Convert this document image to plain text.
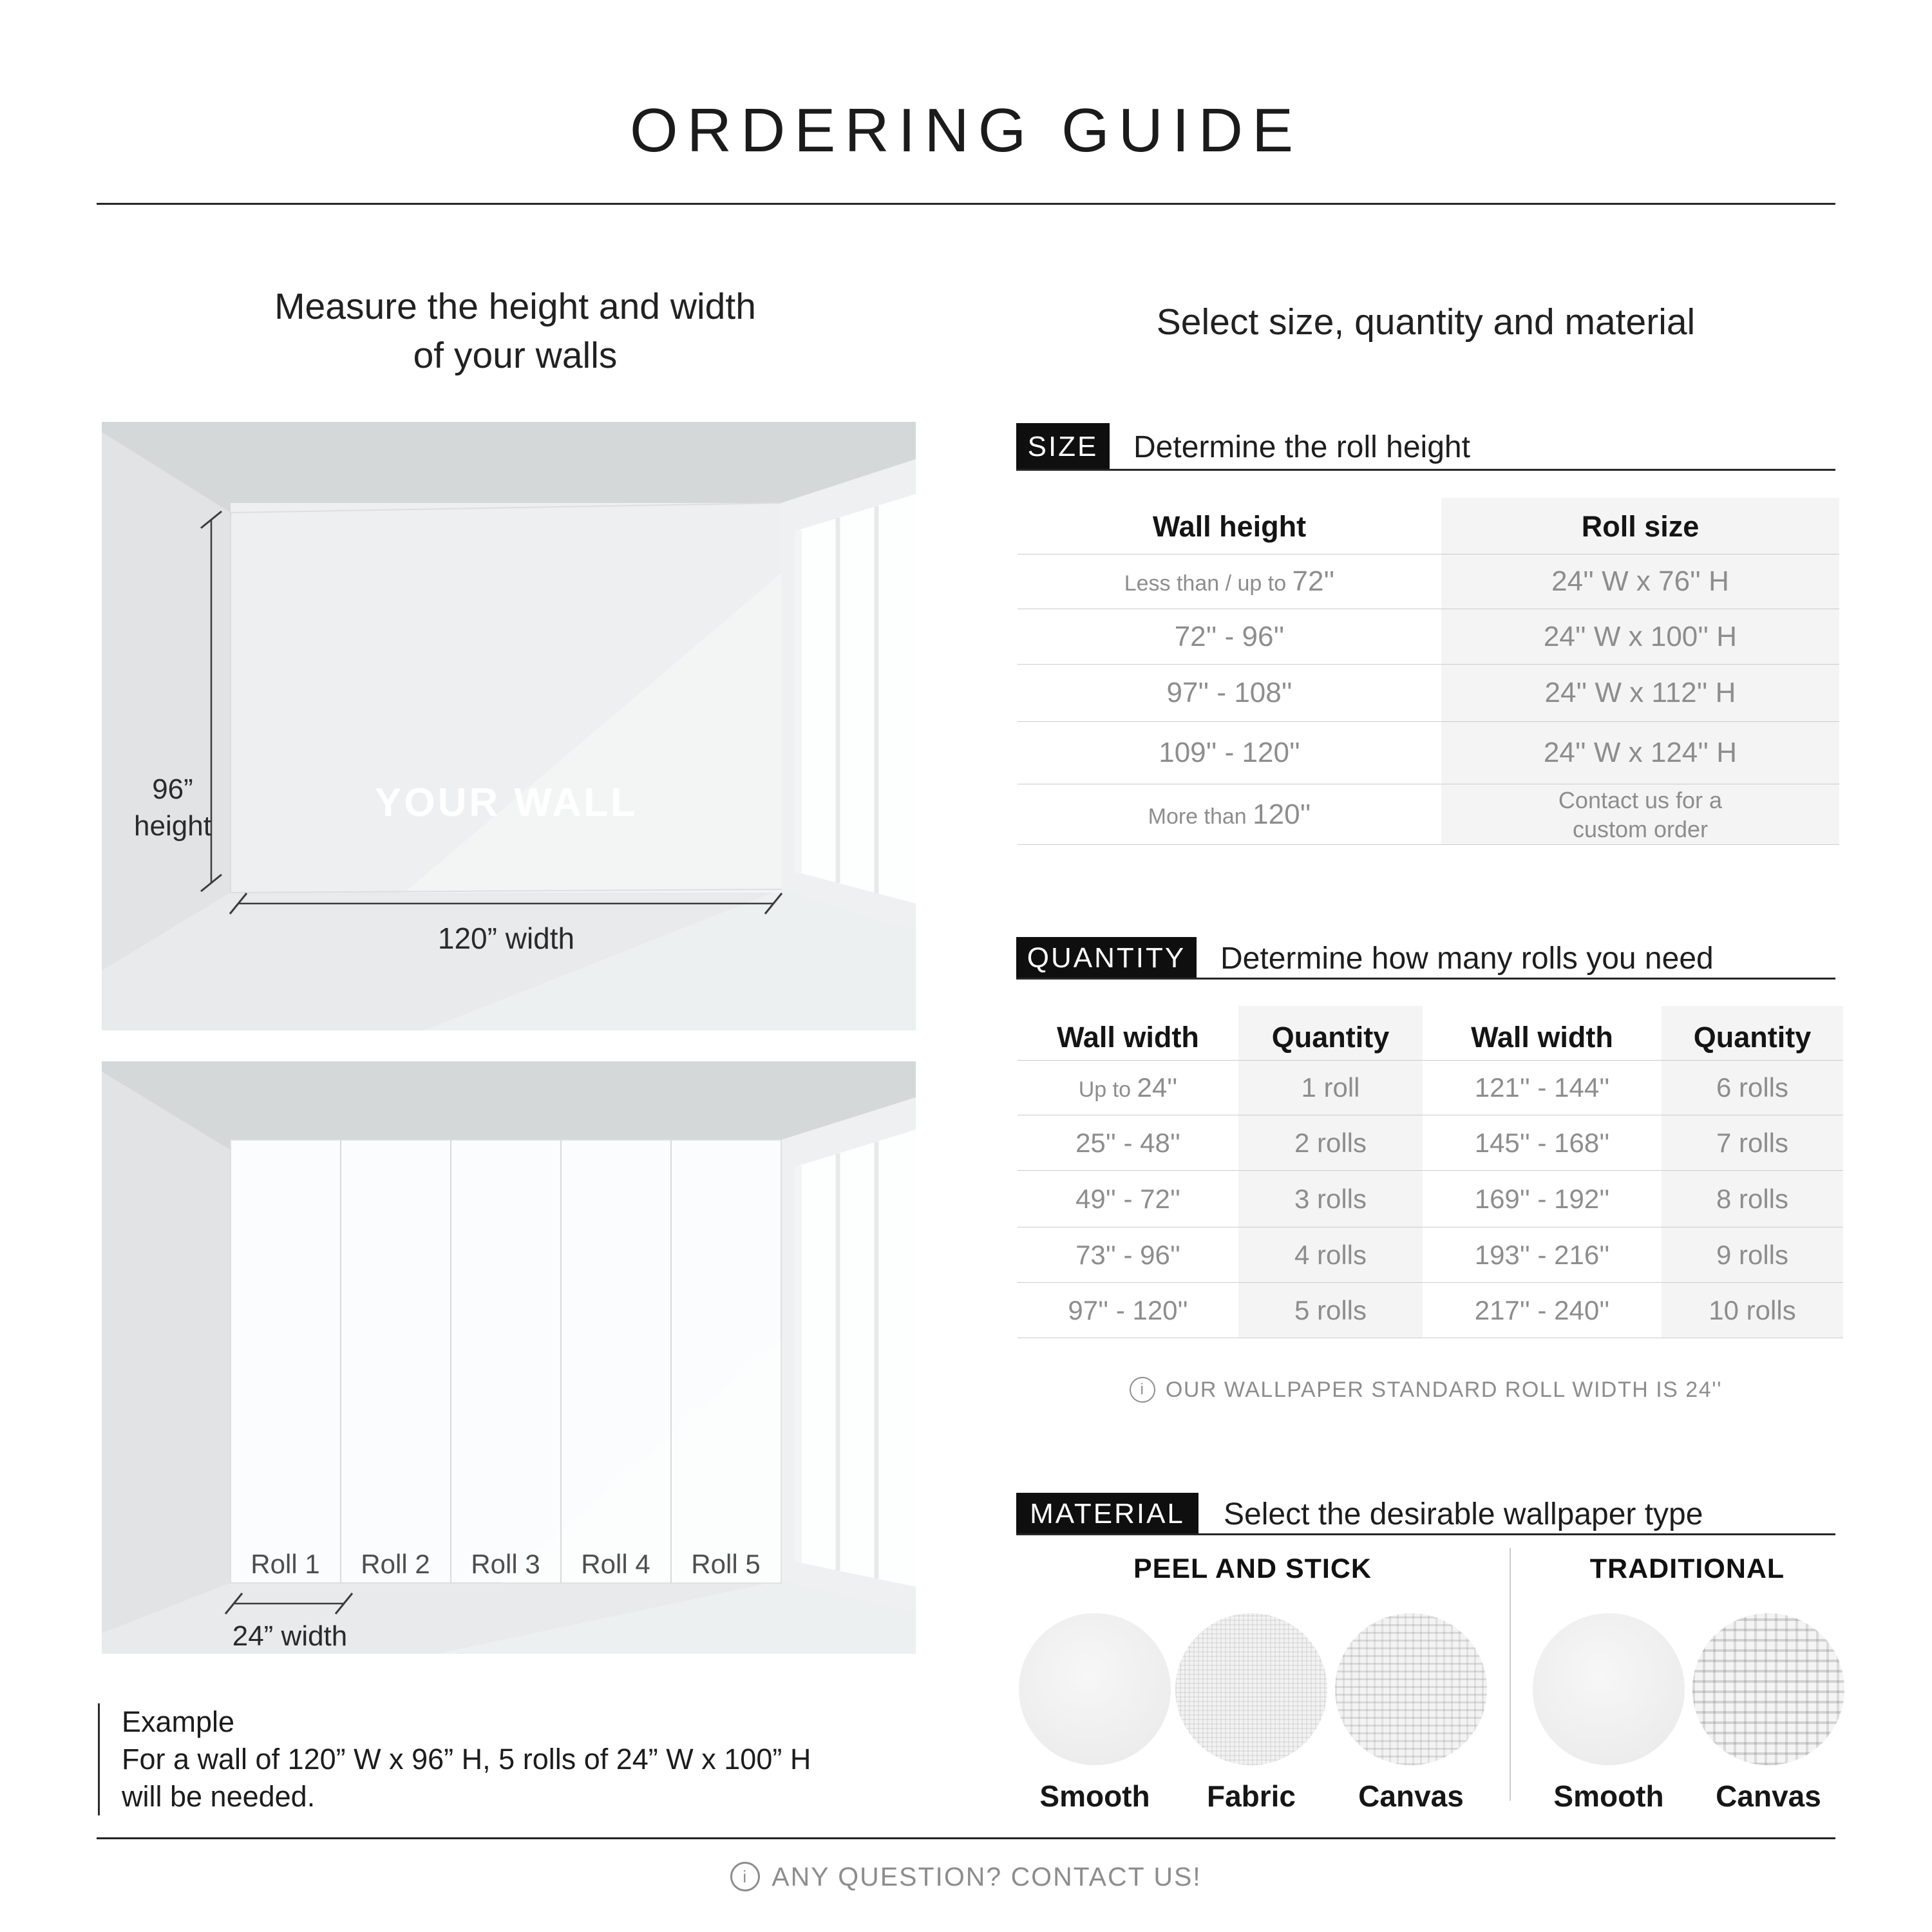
ORDERING GUIDE
Measure the height and width
of your walls
96”
height
YOUR WALL
120” width
Roll 1 Roll 2 Roll 3 Roll 4 Roll 5
24” width
Example
For a wall of 120” W x 96” H, 5 rolls of 24” W x 100” H
will be needed.
Select size, quantity and material
SIZE	Determine the roll height
Wall height	Roll size
Less than / up to 72''	24'' W x 76'' H
72'' - 96''	24'' W x 100'' H
97'' - 108''	24'' W x 112'' H
109'' - 120''	24'' W x 124'' H
More than 120''	Contact us for a
custom order
QUANTITY	Determine how many rolls you need
Wall width	Quantity	Wall width	Quantity
Up to 24''	1 roll	121'' - 144''	6 rolls
25'' - 48''	2 rolls	145'' - 168''	7 rolls
49'' - 72''	3 rolls	169'' - 192''	8 rolls
73'' - 96''	4 rolls	193'' - 216''	9 rolls
97'' - 120''	5 rolls	217'' - 240''	10 rolls
i OUR WALLPAPER STANDARD ROLL WIDTH IS 24''
MATERIAL	Select the desirable wallpaper type
PEEL AND STICK	TRADITIONAL
Smooth	Fabric	Canvas	Smooth	Canvas
i ANY QUESTION? CONTACT US!
